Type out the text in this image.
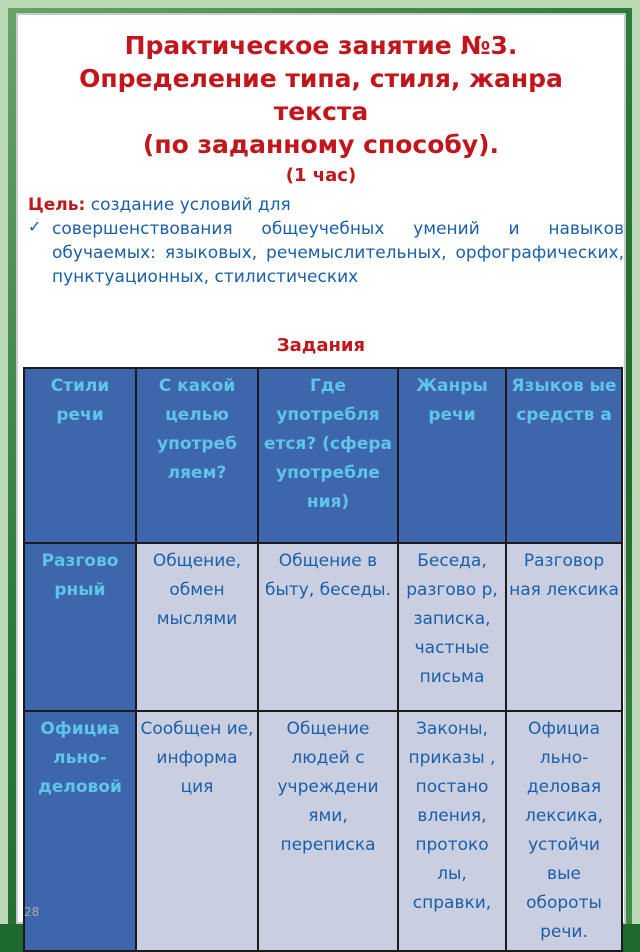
Практическое занятие №3.
Определение типа, стиля, жанра
текста
(по заданному способу).
(1 час)
Цель: создание условий для
✓ совершенствования общеучебных умений и навыков обучаемых: языковых, речемыслительных, орфографических, пунктуационных, стилистических
Задания
Стили речи	С какой целью употреб ляем?	Где употребля ется? (сфера употребле ния)	Жанры речи	Языков ые средств а
Разгово рный	Общение, обмен мыслями	Общение в быту, беседы.	Беседа, разгово р, записка, частные письма	Разговор ная лексика
Официа льно-деловой	Сообщен ие, информа ция	Общение людей с учреждени ями, переписка	Законы, приказы , постано вления, протоко лы, справки,	Официа льно-деловая лексика, устойчи вые обороты речи.
28
